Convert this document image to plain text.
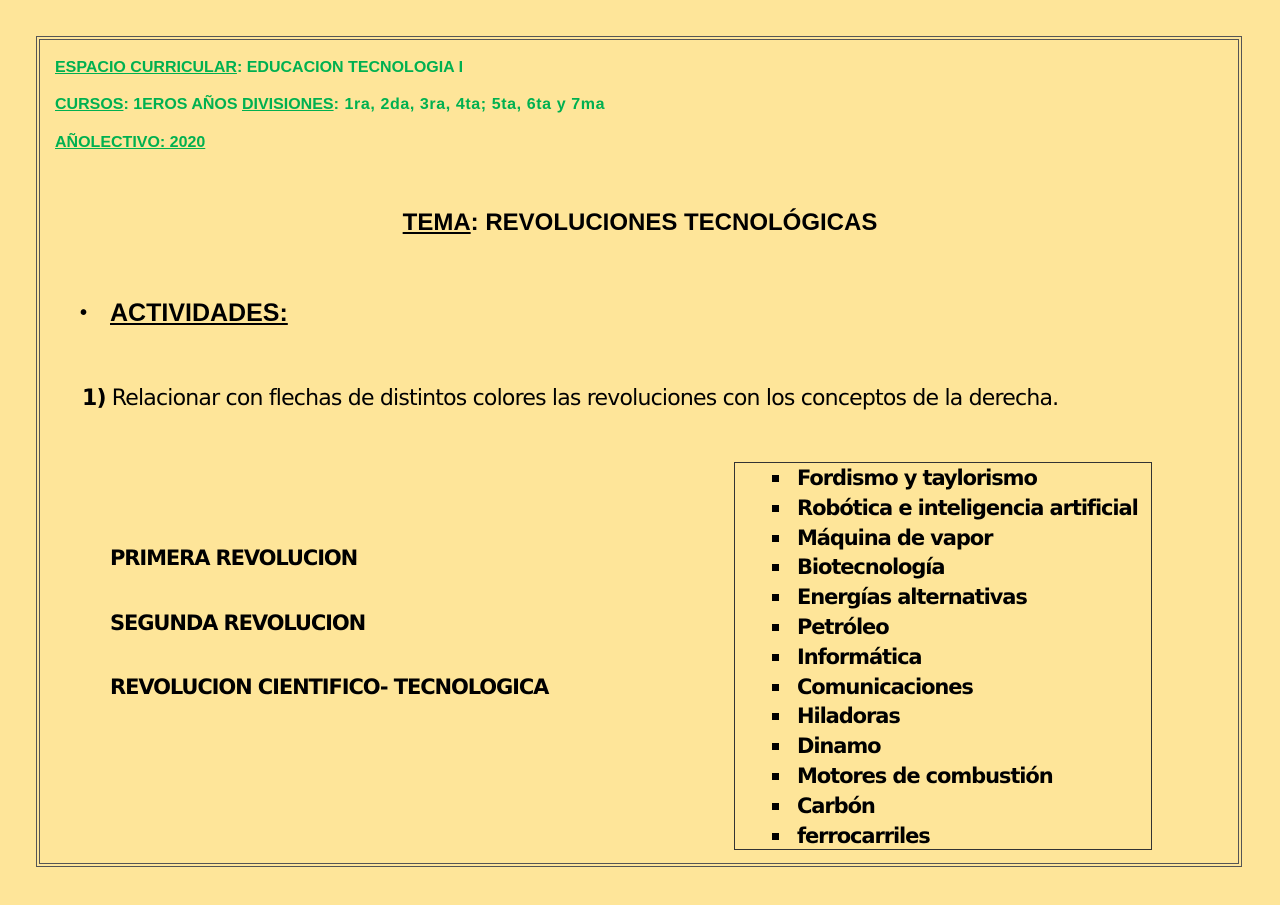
ESPACIO CURRICULAR: EDUCACION TECNOLOGIA I
CURSOS: 1EROS AÑOS DIVISIONES: 1ra, 2da, 3ra, 4ta; 5ta, 6ta y 7ma
AÑOLECTIVO: 2020
TEMA: REVOLUCIONES TECNOLÓGICAS
• ACTIVIDADES:
1) Relacionar con flechas de distintos colores las revoluciones con los conceptos de la derecha.
PRIMERA REVOLUCION
SEGUNDA REVOLUCION
REVOLUCION CIENTIFICO- TECNOLOGICA
Fordismo y taylorismo
Robótica e inteligencia artificial
Máquina de vapor
Biotecnología
Energías alternativas
Petróleo
Informática
Comunicaciones
Hiladoras
Dinamo
Motores de combustión
Carbón
ferrocarriles
